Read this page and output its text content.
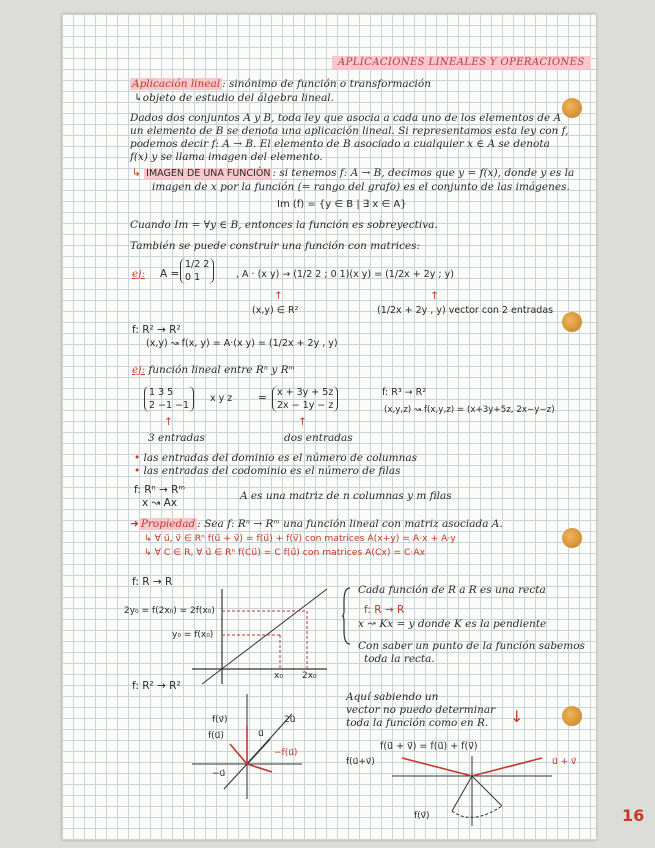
APLICACIONES LINEALES Y OPERACIONES
Aplicación lineal : sinónimo de función o transformación
↳objeto de estudio del álgebra lineal.
Dados dos conjuntos A y B, toda ley que asocia a cada uno de los elementos de A
un elemento de B se denota una aplicación lineal. Si representamos esta ley con f,
podemos decir f: A → B. El elemento de B asociado a cualquier x ∈ A se denota
f(x) y se llama imagen del elemento.
↳ IMAGEN DE UNA FUNCIÓN : si tenemos f: A → B, decimos que y = f(x), donde y es la
imagen de x por la función (= rango del grafo) es el conjunto de las imágenes.
Im (f) = {y ∈ B | ∃ x ∈ A}
Cuando Im = ∀y ∈ B, entonces la función es sobreyectiva.
También se puede construir una función con matrices:
ej: A =
1/2 2
0 1	, A · (x y) → (1/2 2 ; 0 1)(x y) = (1/2x + 2y ; y)
(x,y) ∈ R²	(1/2x + 2y , y) vector con 2 entradas
↑	↑
f: R² → R²
(x,y) ↝ f(x, y) = A·(x y) = (1/2x + 2y , y)
ej: función lineal entre Rⁿ y Rᵐ
1 3 5
2 −1 −1
x y z = x + 3y + 5z
2x − 1y − z
↑	↑
3 entradas	dos entradas
f: R³ → R²
(x,y,z) ↝ f(x,y,z) = (x+3y+5z, 2x−y−z)
• las entradas del dominio es el número de columnas
• las entradas del codominio es el número de filas
f: Rⁿ → Rᵐ
x ↝ Ax
A es una matriz de n columnas y m filas
➜ Propiedad : Sea f: Rⁿ → Rᵐ una función lineal con matriz asociada A.
↳ ∀ u⃗, v⃗ ∈ Rⁿ f(u⃗ + v⃗) = f(u⃗) + f(v⃗) con matrices A(x+y) = A·x + A·y
↳ ∀ C ∈ R, ∀ u⃗ ∈ Rⁿ f(Cu⃗) = C f(u⃗) con matrices A(Cx) = C·Ax
f: R → R
2y₀ = f(2x₀) = 2f(x₀)
y₀ = f(x₀)
x₀ 2x₀
Cada función de R a R es una recta
f: R → R
x ↝ Kx = y donde K es la pendiente
Con saber un punto de la función sabemos
toda la recta.
f: R² → R²
f(v⃗)	2u⃗
f(u⃗)	u⃗
−f(u⃗)
−u⃗
Aquí sabiendo un
vector no puedo determinar
toda la función como en R. ↓
f(u⃗ + v⃗) = f(u⃗) + f(v⃗)
f(u⃗+v⃗)	u⃗ + v⃗
f(v⃗)	16
